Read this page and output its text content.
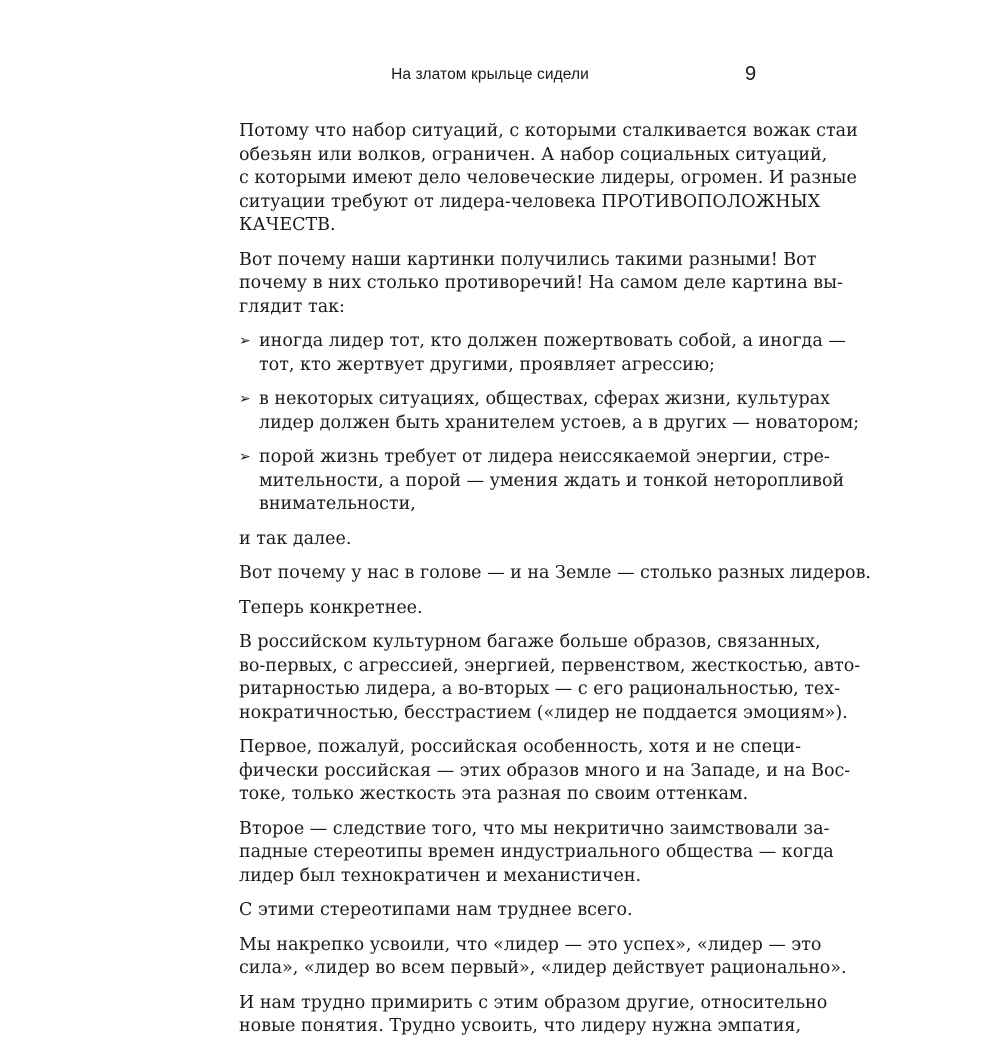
На златом крыльце сидели	9
Потому что набор ситуаций, с которыми сталкивается вожак стаи
обезьян или волков, ограничен. А набор социальных ситуаций,
с которыми имеют дело человеческие лидеры, огромен. И разные
ситуации требуют от лидера-человека ПРОТИВОПОЛОЖНЫХ
КАЧЕСТВ.
Вот почему наши картинки получились такими разными! Вот
почему в них столько противоречий! На самом деле картина вы-
глядит так:
➢ иногда лидер тот, кто должен пожертвовать собой, а иногда —
тот, кто жертвует другими, проявляет агрессию;
➢ в некоторых ситуациях, обществах, сферах жизни, культурах
лидер должен быть хранителем устоев, а в других — новатором;
➢ порой жизнь требует от лидера неиссякаемой энергии, стре-
мительности, а порой — умения ждать и тонкой неторопливой
внимательности,
и так далее.
Вот почему у нас в голове — и на Земле — столько разных лидеров.
Теперь конкретнее.
В российском культурном багаже больше образов, связанных,
во-первых, с агрессией, энергией, первенством, жесткостью, авто-
ритарностью лидера, а во-вторых — с его рациональностью, тех-
нократичностью, бесстрастием («лидер не поддается эмоциям»).
Первое, пожалуй, российская особенность, хотя и не специ-
фически российская — этих образов много и на Западе, и на Вос-
токе, только жесткость эта разная по своим оттенкам.
Второе — следствие того, что мы некритично заимствовали за-
падные стереотипы времен индустриального общества — когда
лидер был технократичен и механистичен.
С этими стереотипами нам труднее всего.
Мы накрепко усвоили, что «лидер — это успех», «лидер — это
сила», «лидер во всем первый», «лидер действует рационально».
И нам трудно примирить с этим образом другие, относительно
новые понятия. Трудно усвоить, что лидеру нужна эмпатия,
